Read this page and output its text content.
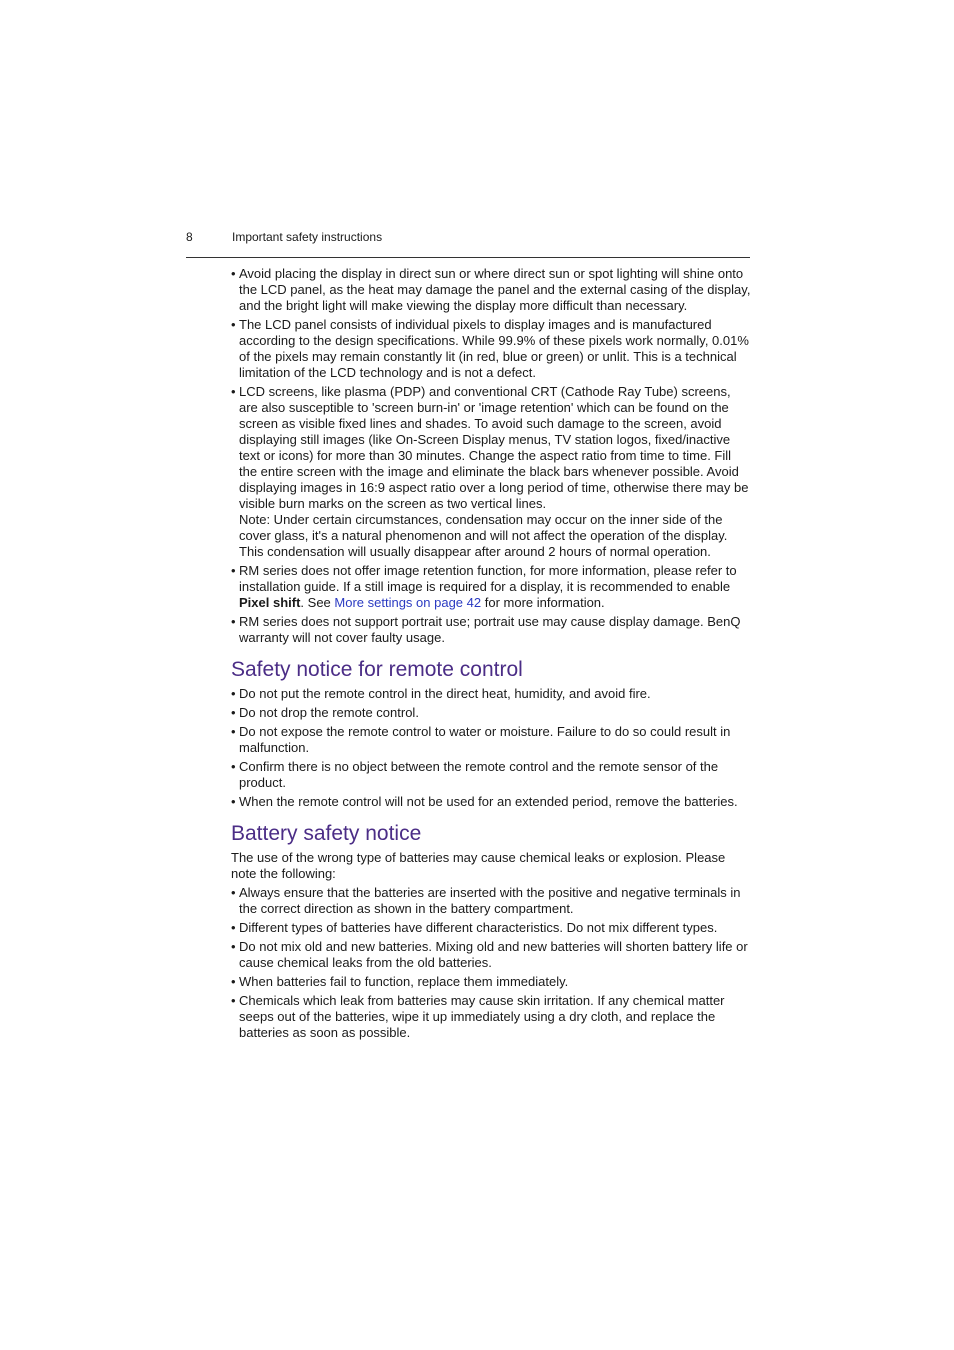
8	Important safety instructions
• Avoid placing the display in direct sun or where direct sun or spot lighting will shine onto the LCD panel, as the heat may damage the panel and the external casing of the display, and the bright light will make viewing the display more difficult than necessary.
• The LCD panel consists of individual pixels to display images and is manufactured according to the design specifications. While 99.9% of these pixels work normally, 0.01% of the pixels may remain constantly lit (in red, blue or green) or unlit. This is a technical limitation of the LCD technology and is not a defect.
• LCD screens, like plasma (PDP) and conventional CRT (Cathode Ray Tube) screens, are also susceptible to 'screen burn-in' or 'image retention' which can be found on the screen as visible fixed lines and shades. To avoid such damage to the screen, avoid displaying still images (like On-Screen Display menus, TV station logos, fixed/inactive text or icons) for more than 30 minutes. Change the aspect ratio from time to time. Fill the entire screen with the image and eliminate the black bars whenever possible. Avoid displaying images in 16:9 aspect ratio over a long period of time, otherwise there may be visible burn marks on the screen as two vertical lines.
Note: Under certain circumstances, condensation may occur on the inner side of the cover glass, it's a natural phenomenon and will not affect the operation of the display. This condensation will usually disappear after around 2 hours of normal operation.
• RM series does not offer image retention function, for more information, please refer to installation guide. If a still image is required for a display, it is recommended to enable Pixel shift. See More settings on page 42 for more information.
• RM series does not support portrait use; portrait use may cause display damage. BenQ warranty will not cover faulty usage.
Safety notice for remote control
• Do not put the remote control in the direct heat, humidity, and avoid fire.
• Do not drop the remote control.
• Do not expose the remote control to water or moisture. Failure to do so could result in malfunction.
• Confirm there is no object between the remote control and the remote sensor of the product.
• When the remote control will not be used for an extended period, remove the batteries.
Battery safety notice

The use of the wrong type of batteries may cause chemical leaks or explosion. Please note the following:

• Always ensure that the batteries are inserted with the positive and negative terminals in the correct direction as shown in the battery compartment.
• Different types of batteries have different characteristics. Do not mix different types.
• Do not mix old and new batteries. Mixing old and new batteries will shorten battery life or cause chemical leaks from the old batteries.
• When batteries fail to function, replace them immediately.
• Chemicals which leak from batteries may cause skin irritation. If any chemical matter seeps out of the batteries, wipe it up immediately using a dry cloth, and replace the batteries as soon as possible.
